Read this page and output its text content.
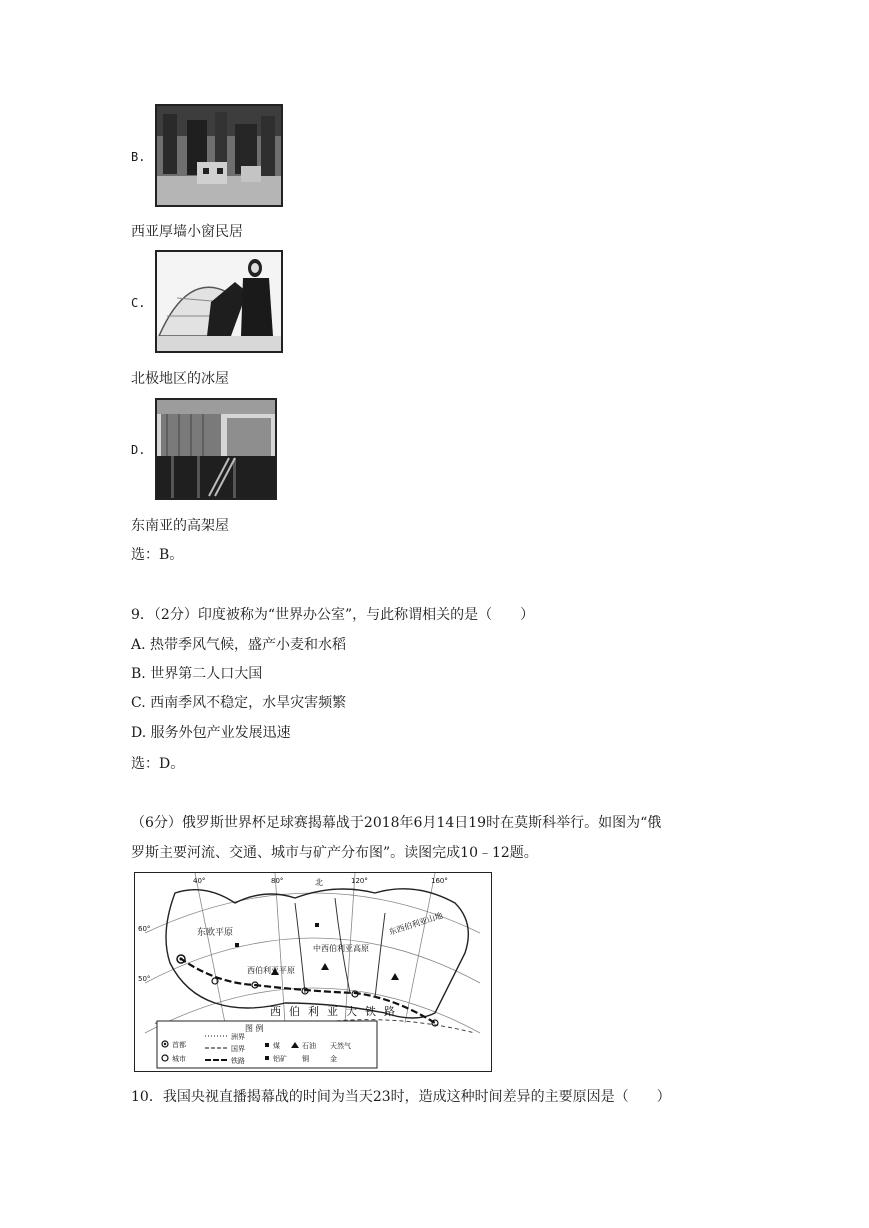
B.
西亚厚墙小窗民居
C.
北极地区的冰屋
D.
东南亚的高架屋
选：B。
9．（2分）印度被称为“世界办公室”，与此称谓相关的是（　　）
A. 热带季风气候，盛产小麦和水稻
B. 世界第二人口大国
C. 西南季风不稳定，水旱灾害频繁
D. 服务外包产业发展迅速
选：D。
（6分）俄罗斯世界杯足球赛揭幕战于2018年6月14日19时在莫斯科举行。如图为“俄
罗斯主要河流、交通、城市与矿产分布图”。读图完成10﹣12题。
东欧平原
西伯利亚平原
中西伯利亚高原
东西伯利亚山地
西伯利亚大铁路
北
40°	80°	120°	160°
60°
50°
图 例
首都
城市
洲界
国界
铁路
煤	石油 天然气
铝矿 铜	金
10．我国央视直播揭幕战的时间为当天23时，造成这种时间差异的主要原因是（　　）
